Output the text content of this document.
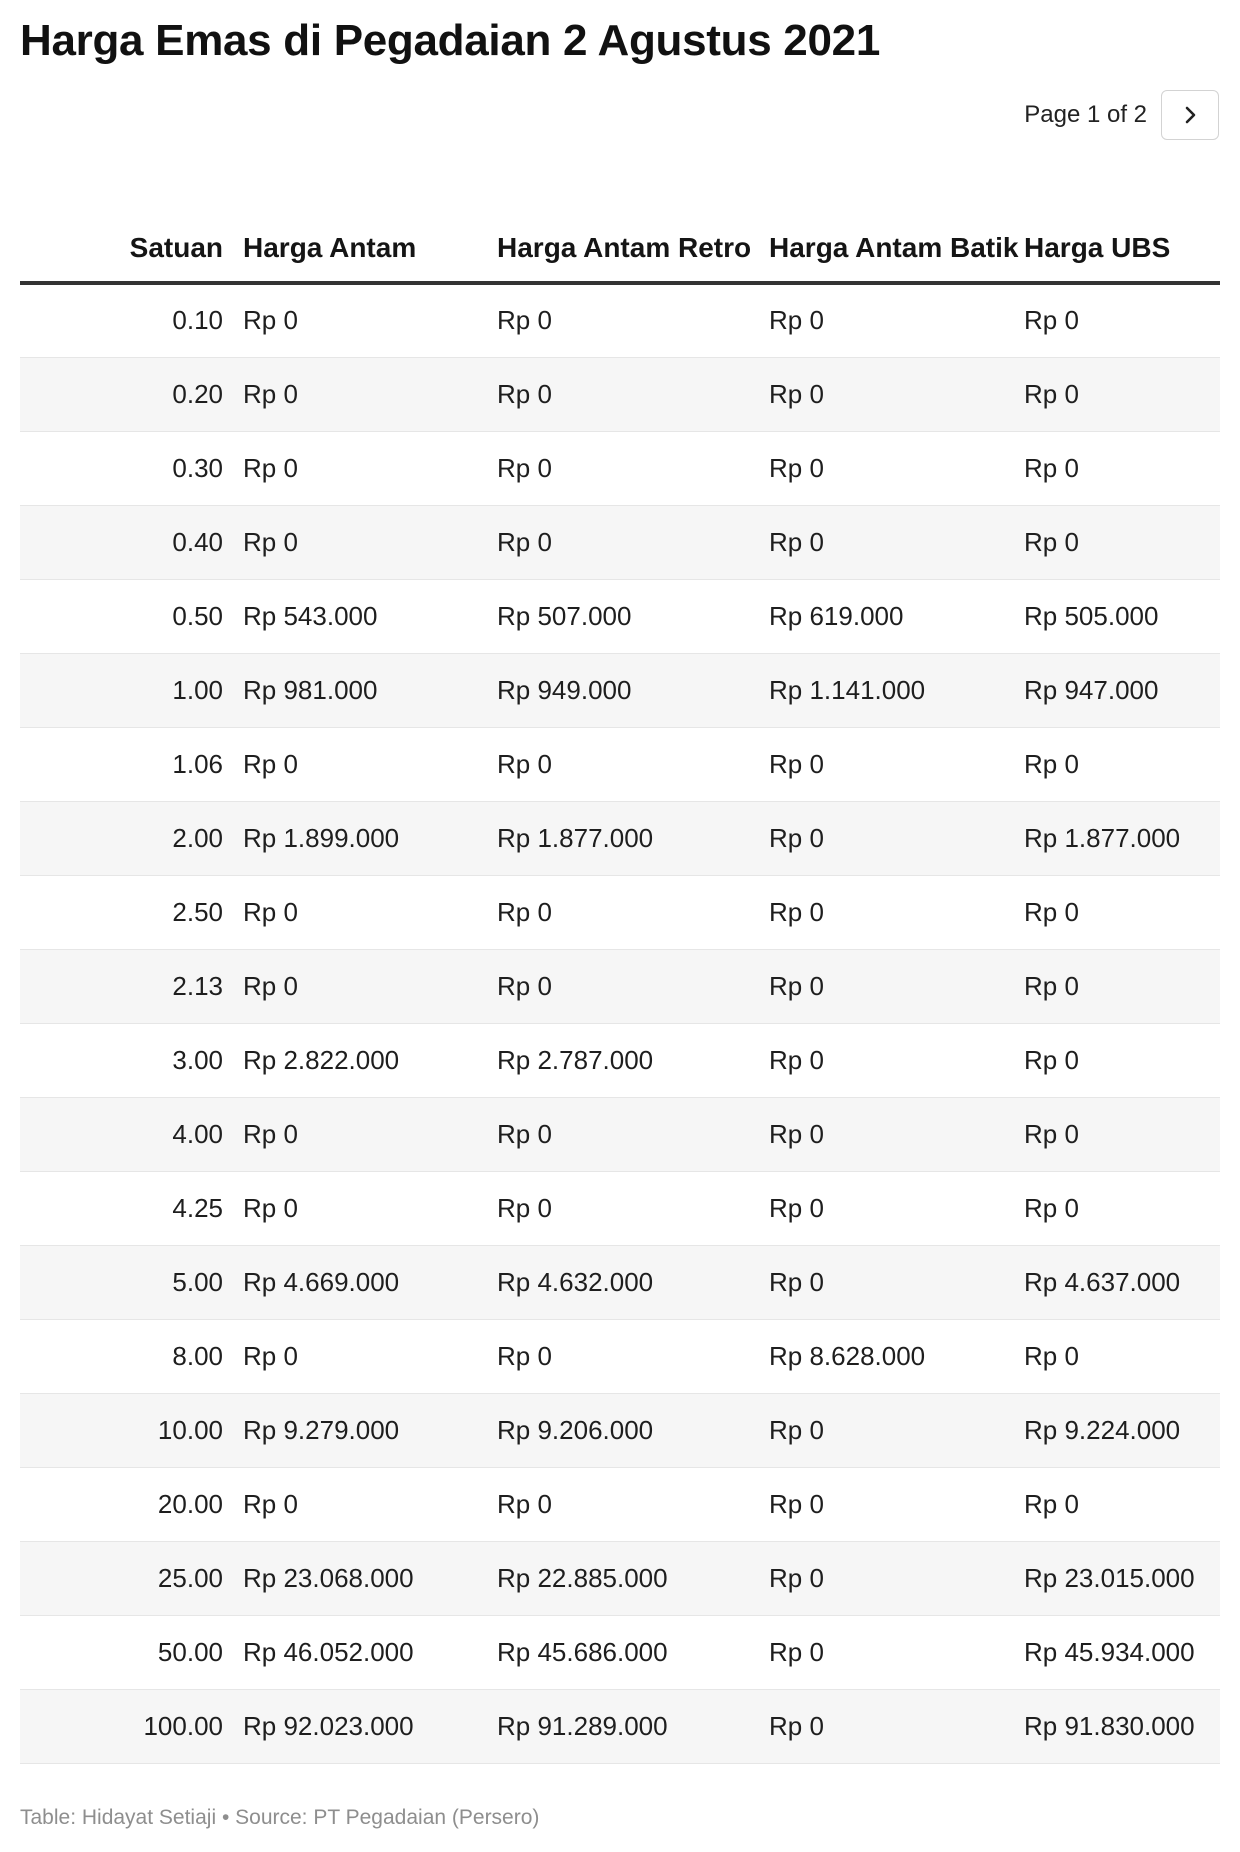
Harga Emas di Pegadaian 2 Agustus 2021
Page 1 of 2
Satuan	Harga Antam	Harga Antam Retro	Harga Antam Batik	Harga UBS
0.10	Rp 0	Rp 0	Rp 0	Rp 0
0.20	Rp 0	Rp 0	Rp 0	Rp 0
0.30	Rp 0	Rp 0	Rp 0	Rp 0
0.40	Rp 0	Rp 0	Rp 0	Rp 0
0.50	Rp 543.000	Rp 507.000	Rp 619.000	Rp 505.000
1.00	Rp 981.000	Rp 949.000	Rp 1.141.000	Rp 947.000
1.06	Rp 0	Rp 0	Rp 0	Rp 0
2.00	Rp 1.899.000	Rp 1.877.000	Rp 0	Rp 1.877.000
2.50	Rp 0	Rp 0	Rp 0	Rp 0
2.13	Rp 0	Rp 0	Rp 0	Rp 0
3.00	Rp 2.822.000	Rp 2.787.000	Rp 0	Rp 0
4.00	Rp 0	Rp 0	Rp 0	Rp 0
4.25	Rp 0	Rp 0	Rp 0	Rp 0
5.00	Rp 4.669.000	Rp 4.632.000	Rp 0	Rp 4.637.000
8.00	Rp 0	Rp 0	Rp 8.628.000	Rp 0
10.00	Rp 9.279.000	Rp 9.206.000	Rp 0	Rp 9.224.000
20.00	Rp 0	Rp 0	Rp 0	Rp 0
25.00	Rp 23.068.000	Rp 22.885.000	Rp 0	Rp 23.015.000
50.00	Rp 46.052.000	Rp 45.686.000	Rp 0	Rp 45.934.000
100.00	Rp 92.023.000	Rp 91.289.000	Rp 0	Rp 91.830.000
Table: Hidayat Setiaji • Source: PT Pegadaian (Persero)
